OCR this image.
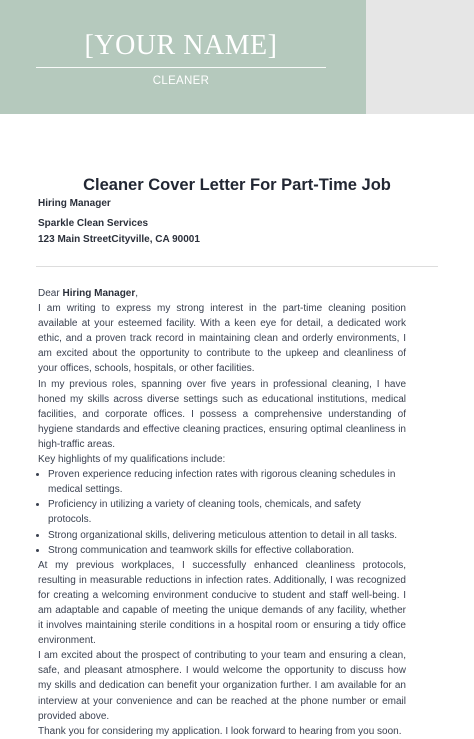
[YOUR NAME]
CLEANER
Cleaner Cover Letter For Part-Time Job
Hiring Manager
Sparkle Clean Services
123 Main StreetCityville, CA 90001

Dear Hiring Manager,

I am writing to express my strong interest in the part-time cleaning position available at your esteemed facility. With a keen eye for detail, a dedicated work ethic, and a proven track record in maintaining clean and orderly environments, I am excited about the opportunity to contribute to the upkeep and cleanliness of your offices, schools, hospitals, or other facilities.

In my previous roles, spanning over five years in professional cleaning, I have honed my skills across diverse settings such as educational institutions, medical facilities, and corporate offices. I possess a comprehensive understanding of hygiene standards and effective cleaning practices, ensuring optimal cleanliness in high-traffic areas.

Key highlights of my qualifications include:

• Proven experience reducing infection rates with rigorous cleaning schedules in medical settings.
• Proficiency in utilizing a variety of cleaning tools, chemicals, and safety protocols.
• Strong organizational skills, delivering meticulous attention to detail in all tasks.
• Strong communication and teamwork skills for effective collaboration.

At my previous workplaces, I successfully enhanced cleanliness protocols, resulting in measurable reductions in infection rates. Additionally, I was recognized for creating a welcoming environment conducive to student and staff well-being. I am adaptable and capable of meeting the unique demands of any facility, whether it involves maintaining sterile conditions in a hospital room or ensuring a tidy office environment.

I am excited about the prospect of contributing to your team and ensuring a clean, safe, and pleasant atmosphere. I would welcome the opportunity to discuss how my skills and dedication can benefit your organization further. I am available for an interview at your convenience and can be reached at the phone number or email provided above.

Thank you for considering my application. I look forward to hearing from you soon.
